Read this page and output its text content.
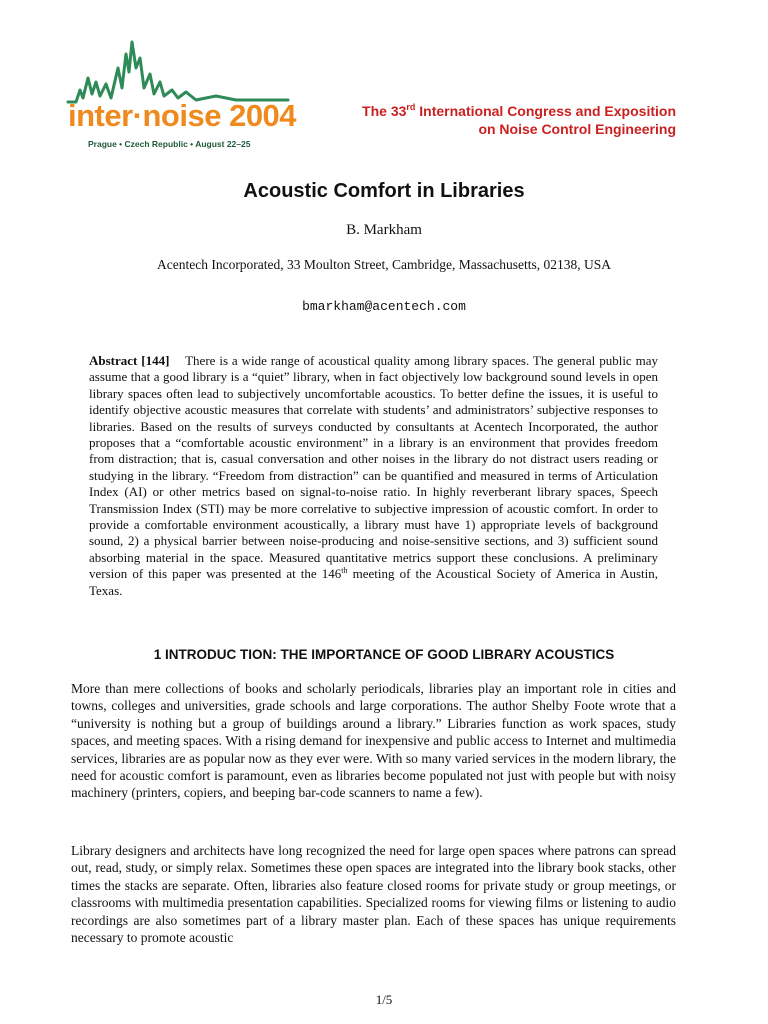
inter·noise 2004
Prague • Czech Republic • August 22–25
The 33rd International Congress and Exposition
on Noise Control Engineering
Acoustic Comfort in Libraries
B. Markham
Acentech Incorporated, 33 Moulton Street, Cambridge, Massachusetts, 02138, USA
bmarkham@acentech.com
Abstract [144] There is a wide range of acoustical quality among library spaces. The general public may assume that a good library is a “quiet” library, when in fact objectively low background sound levels in open library spaces often lead to subjectively uncomfortable acoustics. To better define the issues, it is useful to identify objective acoustic measures that correlate with students’ and administrators’ subjective responses to libraries. Based on the results of surveys conducted by consultants at Acentech Incorporated, the author proposes that a “comfortable acoustic environment” in a library is an environment that provides freedom from distraction; that is, casual conversation and other noises in the library do not distract users reading or studying in the library. “Freedom from distraction” can be quantified and measured in terms of Articulation Index (AI) or other metrics based on signal-to-noise ratio. In highly reverberant library spaces, Speech Transmission Index (STI) may be more correlative to subjective impression of acoustic comfort. In order to provide a comfortable environment acoustically, a library must have 1) appropriate levels of background sound, 2) a physical barrier between noise-producing and noise-sensitive sections, and 3) sufficient sound absorbing material in the space. Measured quantitative metrics support these conclusions. A preliminary version of this paper was presented at the 146th meeting of the Acoustical Society of America in Austin, Texas.
1 INTRODUC TION: THE IMPORTANCE OF GOOD LIBRARY ACOUSTICS
More than mere collections of books and scholarly periodicals, libraries play an important role in cities and towns, colleges and universities, grade schools and large corporations. The author Shelby Foote wrote that a “university is nothing but a group of buildings around a library.” Libraries function as work spaces, study spaces, and meeting spaces. With a rising demand for inexpensive and public access to Internet and multimedia services, libraries are as popular now as they ever were. With so many varied services in the modern library, the need for acoustic comfort is paramount, even as libraries become populated not just with people but with noisy machinery (printers, copiers, and beeping bar-code scanners to name a few).
Library designers and architects have long recognized the need for large open spaces where patrons can spread out, read, study, or simply relax. Sometimes these open spaces are integrated into the library book stacks, other times the stacks are separate. Often, libraries also feature closed rooms for private study or group meetings, or classrooms with multimedia presentation capabilities. Specialized rooms for viewing films or listening to audio recordings are also sometimes part of a library master plan. Each of these spaces has unique requirements necessary to promote acoustic
1/5
